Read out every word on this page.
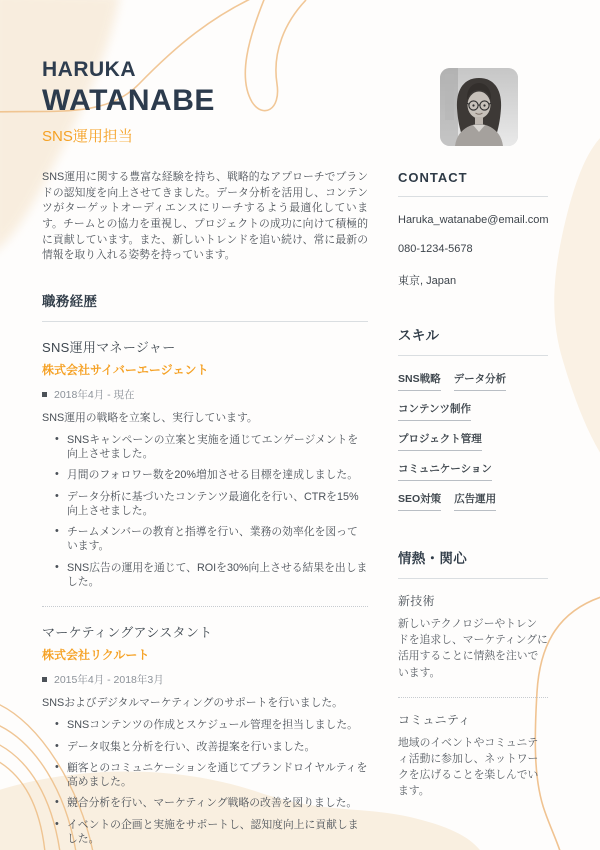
HARUKA
WATANABE
SNS運用担当

SNS運用に関する豊富な経験を持ち、戦略的なアプローチでブランドの認知度を向上させてきました。データ分析を活用し、コンテンツがターゲットオーディエンスにリーチするよう最適化しています。チームとの協力を重視し、プロジェクトの成功に向けて積極的に貢献しています。また、新しいトレンドを追い続け、常に最新の情報を取り入れる姿勢を持っています。

職務経歴
SNS運用マネージャー
株式会社サイバーエージェント
2018年4月 - 現在
SNS運用の戦略を立案し、実行しています。
• SNSキャンペーンの立案と実施を通じてエンゲージメントを向上させました。
• 月間のフォロワー数を20%増加させる目標を達成しました。
• データ分析に基づいたコンテンツ最適化を行い、CTRを15%向上させました。
• チームメンバーの教育と指導を行い、業務の効率化を図っています。
• SNS広告の運用を通じて、ROIを30%向上させる結果を出しました。
マーケティングアシスタント
株式会社リクルート
2015年4月 - 2018年3月
SNSおよびデジタルマーケティングのサポートを行いました。
• SNSコンテンツの作成とスケジュール管理を担当しました。
• データ収集と分析を行い、改善提案を行いました。
• 顧客とのコミュニケーションを通じてブランドロイヤルティを高めました。
• 競合分析を行い、マーケティング戦略の改善を図りました。
• イベントの企画と実施をサポートし、認知度向上に貢献しました。
CONTACT
Haruka_watanabe@email.com
080-1234-5678
東京, Japan
スキル
SNS戦略 データ分析
コンテンツ制作
プロジェクト管理
コミュニケーション
SEO対策 広告運用
情熱・関心
新技術
新しいテクノロジーやトレンドを追求し、マーケティングに活用することに情熱を注いでいます。
コミュニティ
地域のイベントやコミュニティ活動に参加し、ネットワークを広げることを楽しんでいます。
